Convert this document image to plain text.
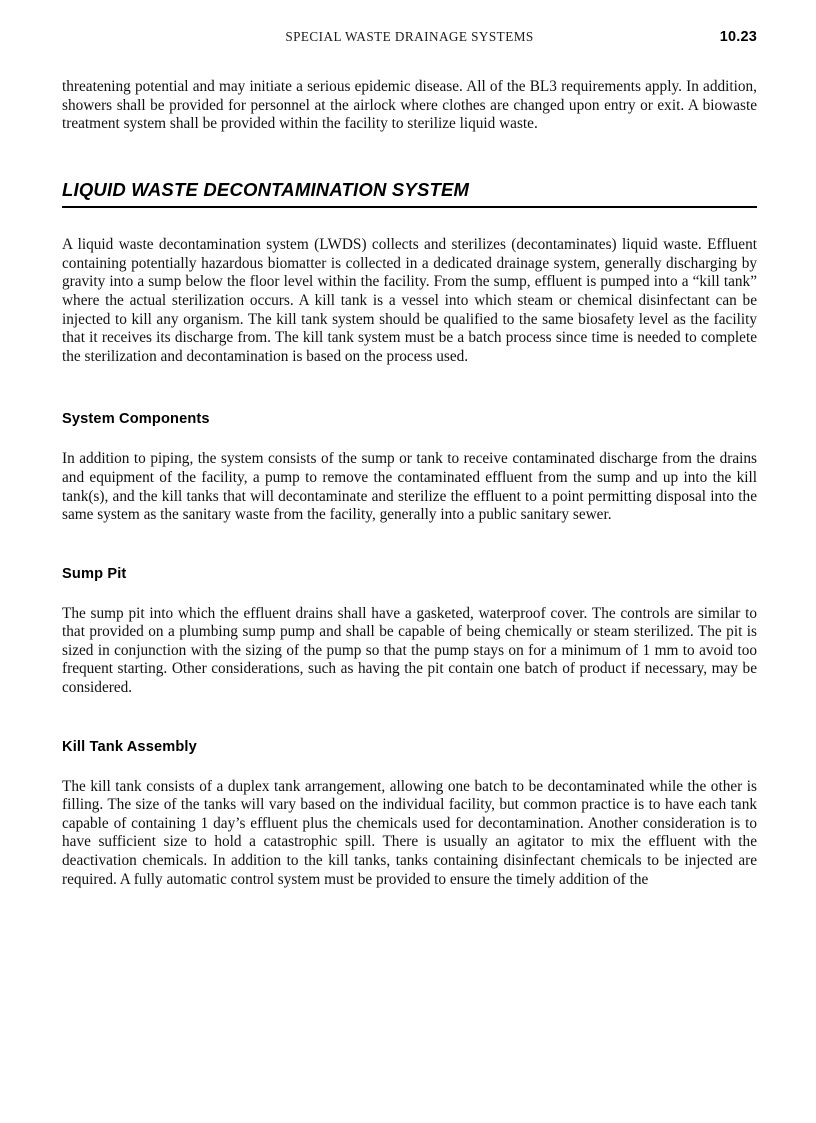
SPECIAL WASTE DRAINAGE SYSTEMS	10.23

threatening potential and may initiate a serious epidemic disease. All of the BL3 requirements apply. In addition, showers shall be provided for personnel at the airlock where clothes are changed upon entry or exit. A biowaste treatment system shall be provided within the facility to sterilize liquid waste.

LIQUID WASTE DECONTAMINATION SYSTEM

A liquid waste decontamination system (LWDS) collects and sterilizes (decontaminates) liquid waste. Effluent containing potentially hazardous biomatter is collected in a dedicated drainage system, generally discharging by gravity into a sump below the floor level within the facility. From the sump, effluent is pumped into a “kill tank” where the actual sterilization occurs. A kill tank is a vessel into which steam or chemical disinfectant can be injected to kill any organism. The kill tank system should be qualified to the same biosafety level as the facility that it receives its discharge from. The kill tank system must be a batch process since time is needed to complete the sterilization and decontamination is based on the process used.

System Components

In addition to piping, the system consists of the sump or tank to receive contaminated discharge from the drains and equipment of the facility, a pump to remove the contaminated effluent from the sump and up into the kill tank(s), and the kill tanks that will decontaminate and sterilize the effluent to a point permitting disposal into the same system as the sanitary waste from the facility, generally into a public sanitary sewer.

Sump Pit

The sump pit into which the effluent drains shall have a gasketed, waterproof cover. The controls are similar to that provided on a plumbing sump pump and shall be capable of being chemically or steam sterilized. The pit is sized in conjunction with the sizing of the pump so that the pump stays on for a minimum of 1 mm to avoid too frequent starting. Other considerations, such as having the pit contain one batch of product if necessary, may be considered.

Kill Tank Assembly

The kill tank consists of a duplex tank arrangement, allowing one batch to be decontaminated while the other is filling. The size of the tanks will vary based on the individual facility, but common practice is to have each tank capable of containing 1 day’s effluent plus the chemicals used for decontamination. Another consideration is to have sufficient size to hold a catastrophic spill. There is usually an agitator to mix the effluent with the deactivation chemicals. In addition to the kill tanks, tanks containing disinfectant chemicals to be injected are required. A fully automatic control system must be provided to ensure the timely addition of the
